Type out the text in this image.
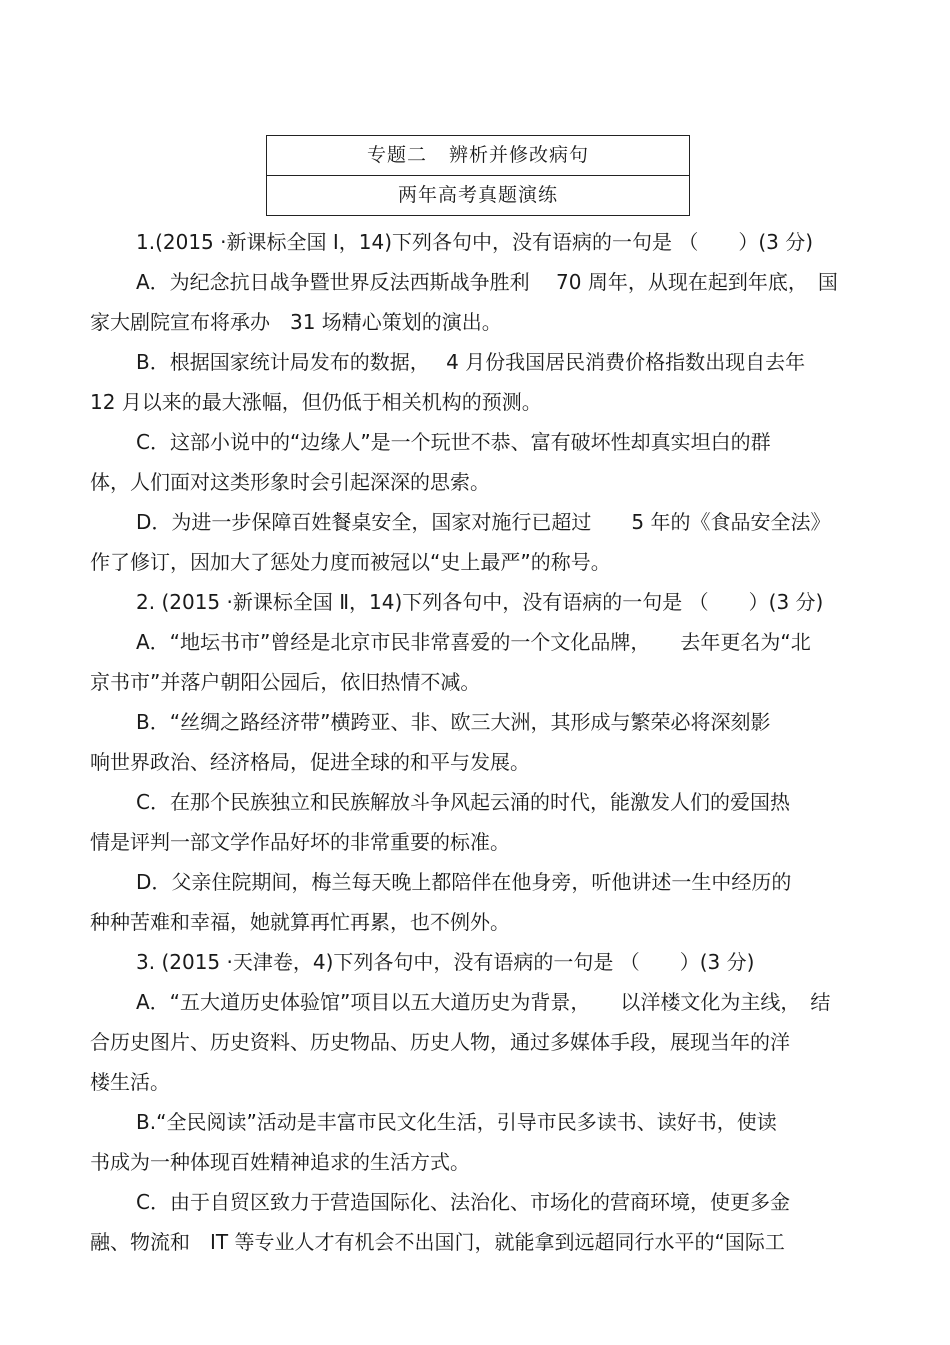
专题二 辨析并修改病句
两年高考真题演练
1.(2015 ·新课标全国 Ⅰ，14)下列各句中，没有语病的一句是 （　　）(3 分)
A．为纪念抗日战争暨世界反法西斯战争胜利　 70 周年，从现在起到年底，　国
家大剧院宣布将承办　31 场精心策划的演出。
B．根据国家统计局发布的数据，　 4 月份我国居民消费价格指数出现自去年
12 月以来的最大涨幅，但仍低于相关机构的预测。
C．这部小说中的“边缘人”是一个玩世不恭、富有破坏性却真实坦白的群
体，人们面对这类形象时会引起深深的思索。
D．为进一步保障百姓餐桌安全，国家对施行已超过　　5 年的《食品安全法》
作了修订，因加大了惩处力度而被冠以“史上最严”的称号。
2. (2015 ·新课标全国 Ⅱ，14)下列各句中，没有语病的一句是 （　　）(3 分)
A．“地坛书市”曾经是北京市民非常喜爱的一个文化品牌，　　去年更名为“北
京书市”并落户朝阳公园后，依旧热情不减。
B．“丝绸之路经济带”横跨亚、非、欧三大洲，其形成与繁荣必将深刻影
响世界政治、经济格局，促进全球的和平与发展。
C．在那个民族独立和民族解放斗争风起云涌的时代，能激发人们的爱国热
情是评判一部文学作品好坏的非常重要的标准。
D．父亲住院期间，梅兰每天晚上都陪伴在他身旁，听他讲述一生中经历的
种种苦难和幸福，她就算再忙再累，也不例外。
3. (2015 ·天津卷，4)下列各句中，没有语病的一句是 （　　）(3 分)
A．“五大道历史体验馆”项目以五大道历史为背景，　　以洋楼文化为主线，　结
合历史图片、历史资料、历史物品、历史人物，通过多媒体手段，展现当年的洋
楼生活。
B.“全民阅读”活动是丰富市民文化生活，引导市民多读书、读好书，使读
书成为一种体现百姓精神追求的生活方式。
C．由于自贸区致力于营造国际化、法治化、市场化的营商环境，使更多金
融、物流和　IT 等专业人才有机会不出国门，就能拿到远超同行水平的“国际工
